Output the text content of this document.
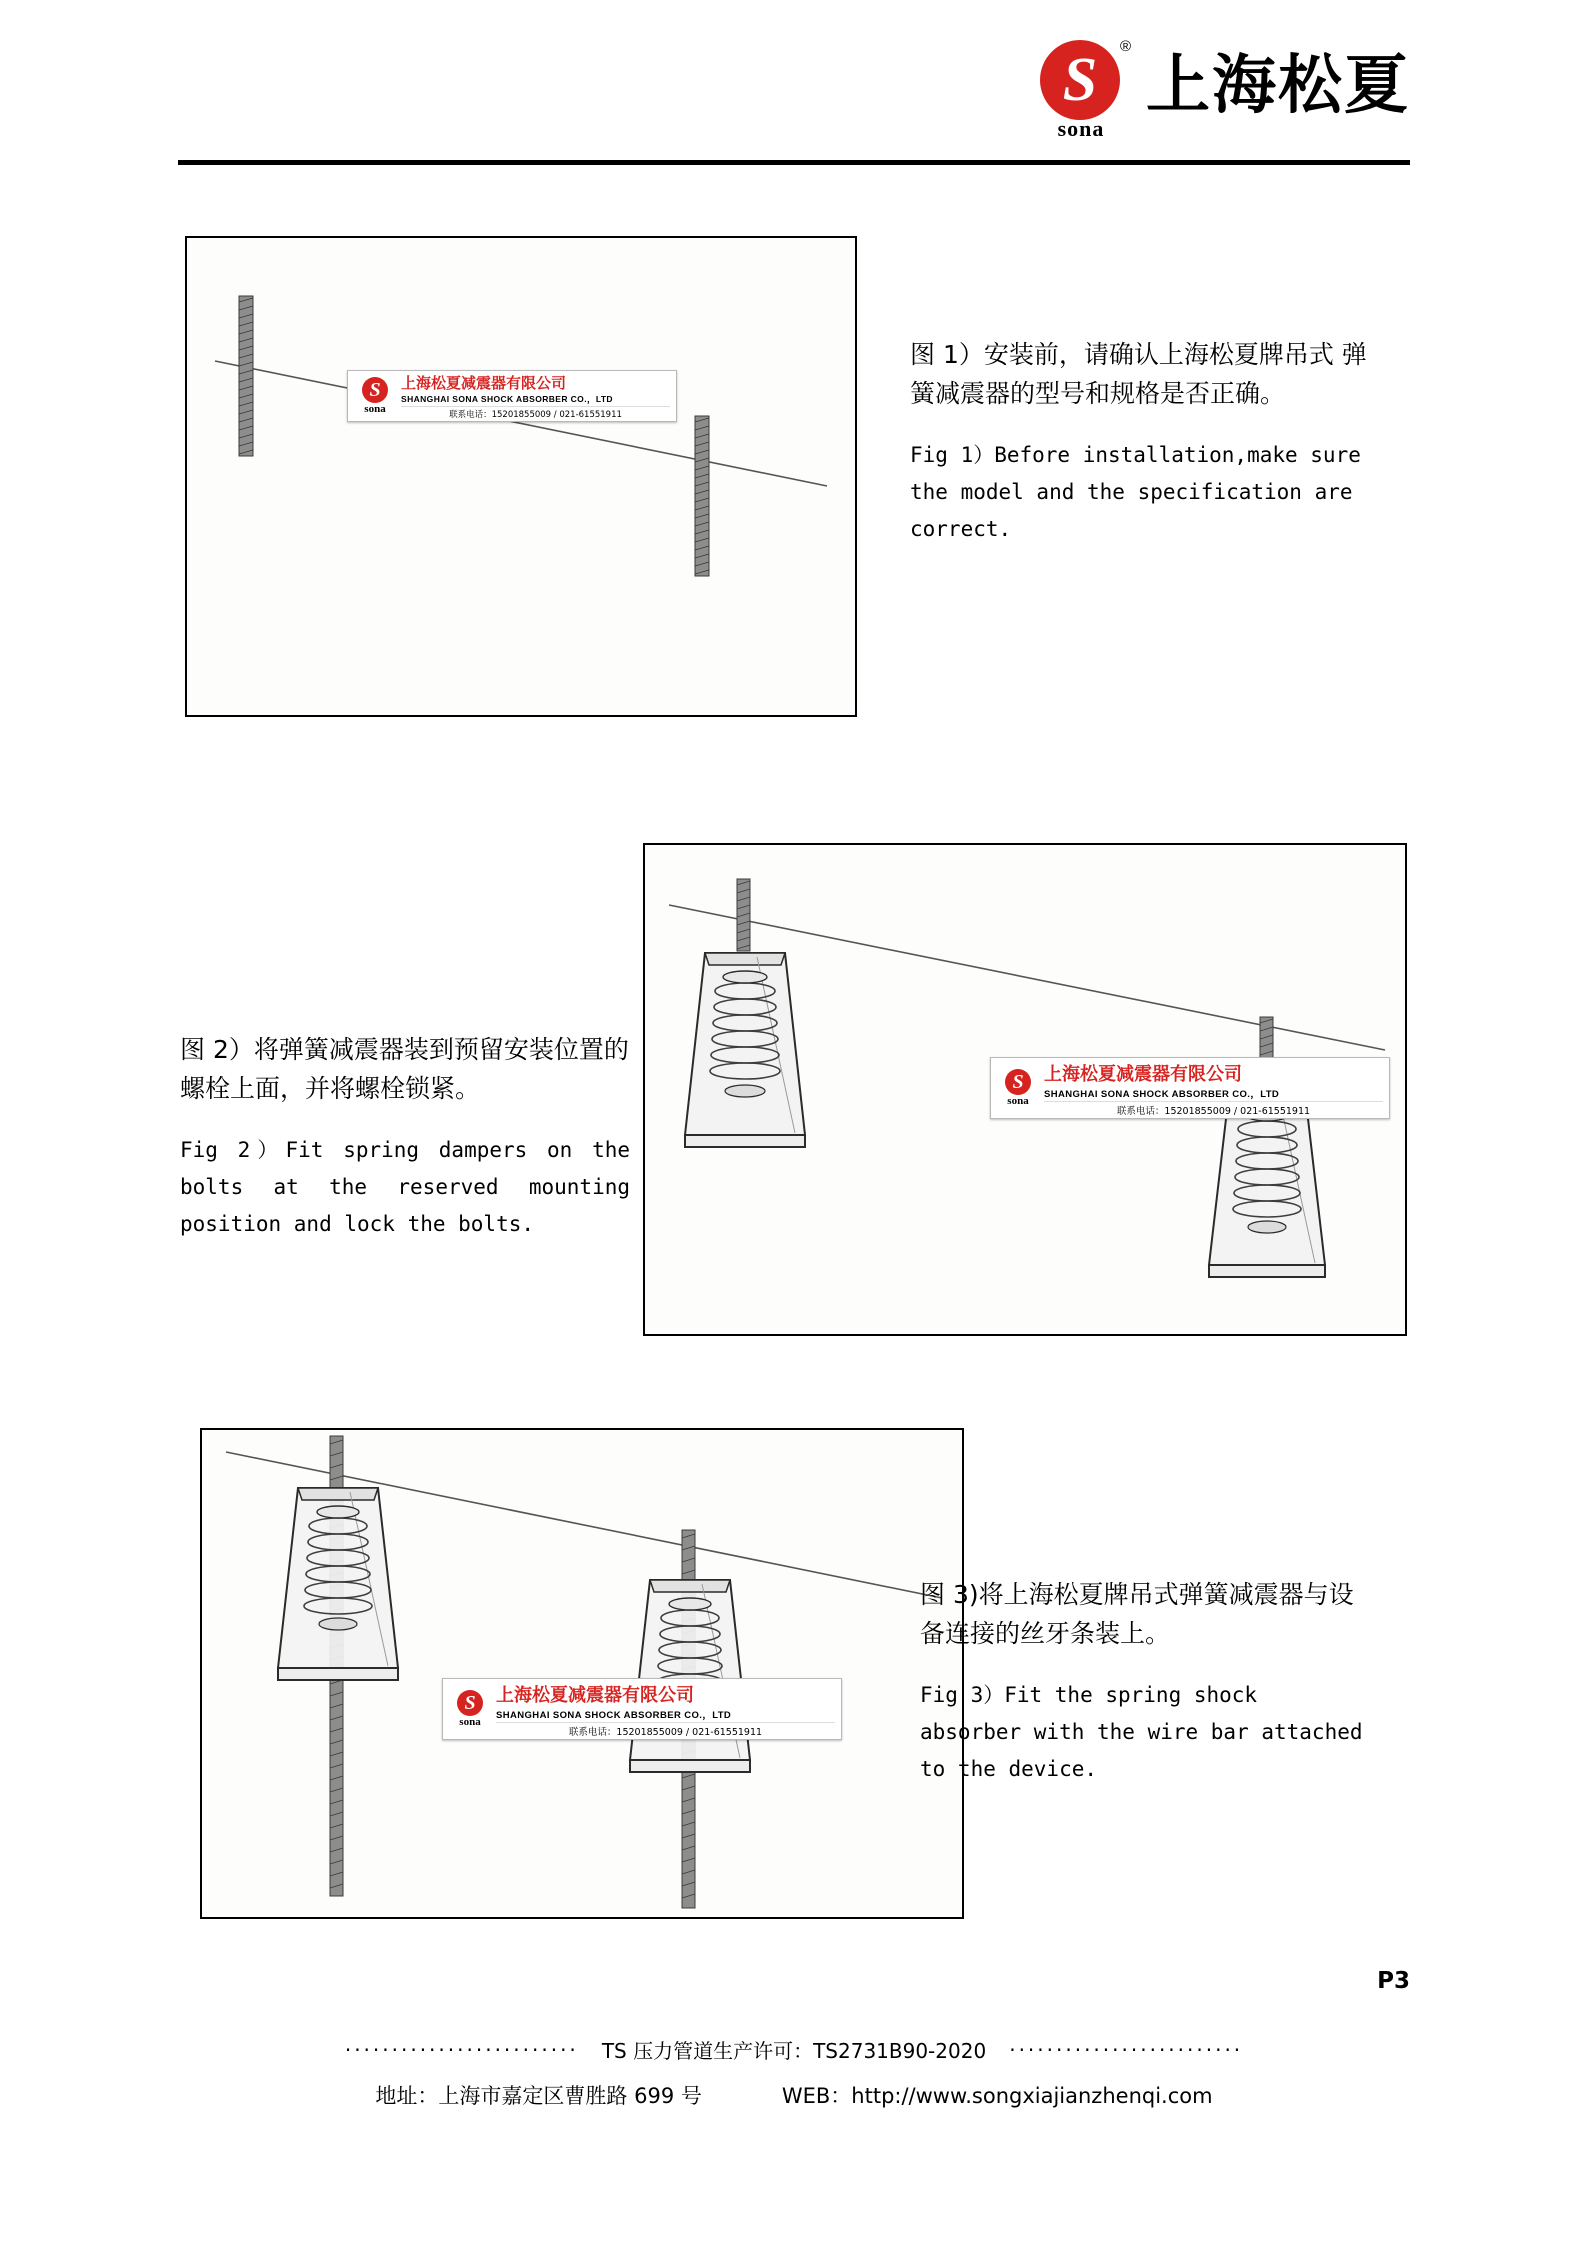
S	®
sona
上海松夏
S
sona
上海松夏减震器有限公司
SHANGHAI SONA SHOCK ABSORBER CO.，LTD
联系电话：15201855009 / 021-61551911
图 1）安装前，请确认上海松夏牌吊式 弹簧减震器的型号和规格是否正确。
Fig 1）Before installation,make sure the model and the specification are correct.
S
sona
上海松夏减震器有限公司
SHANGHAI SONA SHOCK ABSORBER CO.，LTD
联系电话：15201855009 / 021-61551911
图 2）将弹簧减震器装到预留安装位置的螺栓上面，并将螺栓锁紧。
Fig 2）Fit spring dampers on the bolts at the reserved mounting position and lock the bolts.
S
sona
上海松夏减震器有限公司
SHANGHAI SONA SHOCK ABSORBER CO.，LTD
联系电话：15201855009 / 021-61551911
图 3)将上海松夏牌吊式弹簧减震器与设备连接的丝牙条装上。
Fig 3）Fit the spring shock absorber with the wire bar attached to the device.
P3
·························	TS 压力管道生产许可：TS2731B90-2020	·························
地址：上海市嘉定区曹胜路 699 号	WEB：http://www.songxiajianzhenqi.com
